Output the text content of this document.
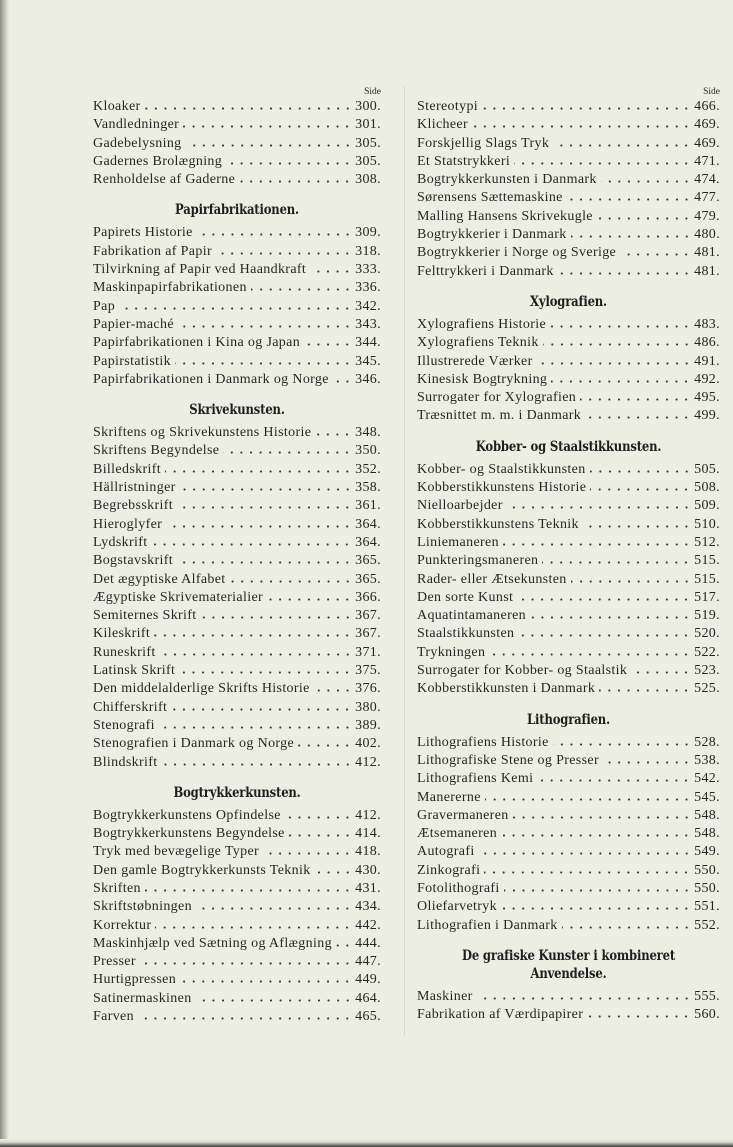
Side
Kloaker	300.
Vandledninger	301.
Gadebelysning	305.
Gadernes Brolægning	305.
Renholdelse af Gaderne	308.
Papirfabrikationen.
Papirets Historie	309.
Fabrikation af Papir	318.
Tilvirkning af Papir ved Haandkraft	333.
Maskinpapirfabrikationen	336.
Pap	342.
Papier-maché	343.
Papirfabrikationen i Kina og Japan	344.
Papirstatistik	345.
Papirfabrikationen i Danmark og Norge 346.
Skrivekunsten.
Skriftens og Skrivekunstens Historie	348.
Skriftens Begyndelse	350.
Billedskrift	352.
Hällristninger	358.
Begrebsskrift	361.
Hieroglyfer	364.
Lydskrift	364.
Bogstavskrift	365.
Det ægyptiske Alfabet	365.
Ægyptiske Skrivematerialier	366.
Semiternes Skrift	367.
Kileskrift	367.
Runeskrift	371.
Latinsk Skrift	375.
Den middelalderlige Skrifts Historie	376.
Chifferskrift	380.
Stenografi	389.
Stenografien i Danmark og Norge	402.
Blindskrift	412.
Bogtrykkerkunsten.
Bogtrykkerkunstens Opfindelse	412.
Bogtrykkerkunstens Begyndelse	414.
Tryk med bevægelige Typer	418.
Den gamle Bogtrykkerkunsts Teknik	430.
Skriften	431.
Skriftstøbningen	434.
Korrektur	442.
Maskinhjælp ved Sætning og Aflægning 444.
Presser	447.
Hurtigpressen	449.
Satinermaskinen	464.
Farven	465.
Side
Stereotypi	466.
Klicheer	469.
Forskjellig Slags Tryk	469.
Et Statstrykkeri	471.
Bogtrykkerkunsten i Danmark	474.
Sørensens Sættemaskine	477.
Malling Hansens Skrivekugle	479.
Bogtrykkerier i Danmark	480.
Bogtrykkerier i Norge og Sverige	481.
Felttrykkeri i Danmark	481.
Xylografien.
Xylografiens Historie	483.
Xylografiens Teknik	486.
Illustrerede Værker	491.
Kinesisk Bogtrykning	492.
Surrogater for Xylografien	495.
Træsnittet m. m. i Danmark	499.
Kobber- og Staalstikkunsten.
Kobber- og Staalstikkunsten	505.
Kobberstikkunstens Historie	508.
Nielloarbejder	509.
Kobberstikkunstens Teknik	510.
Liniemaneren	512.
Punkteringsmaneren	515.
Rader- eller Ætsekunsten	515.
Den sorte Kunst	517.
Aquatintamaneren	519.
Staalstikkunsten	520.
Trykningen	522.
Surrogater for Kobber- og Staalstik	523.
Kobberstikkunsten i Danmark	525.
Lithografien.
Lithografiens Historie	528.
Lithografiske Stene og Presser	538.
Lithografiens Kemi	542.
Manererne	545.
Gravermaneren	548.
Ætsemaneren	548.
Autografi	549.
Zinkografi	550.
Fotolithografi	550.
Oliefarvetryk	551.
Lithografien i Danmark	552.
De grafiske Kunster i kombineret Anvendelse.
Maskiner	555.
Fabrikation af Værdipapirer	560.
